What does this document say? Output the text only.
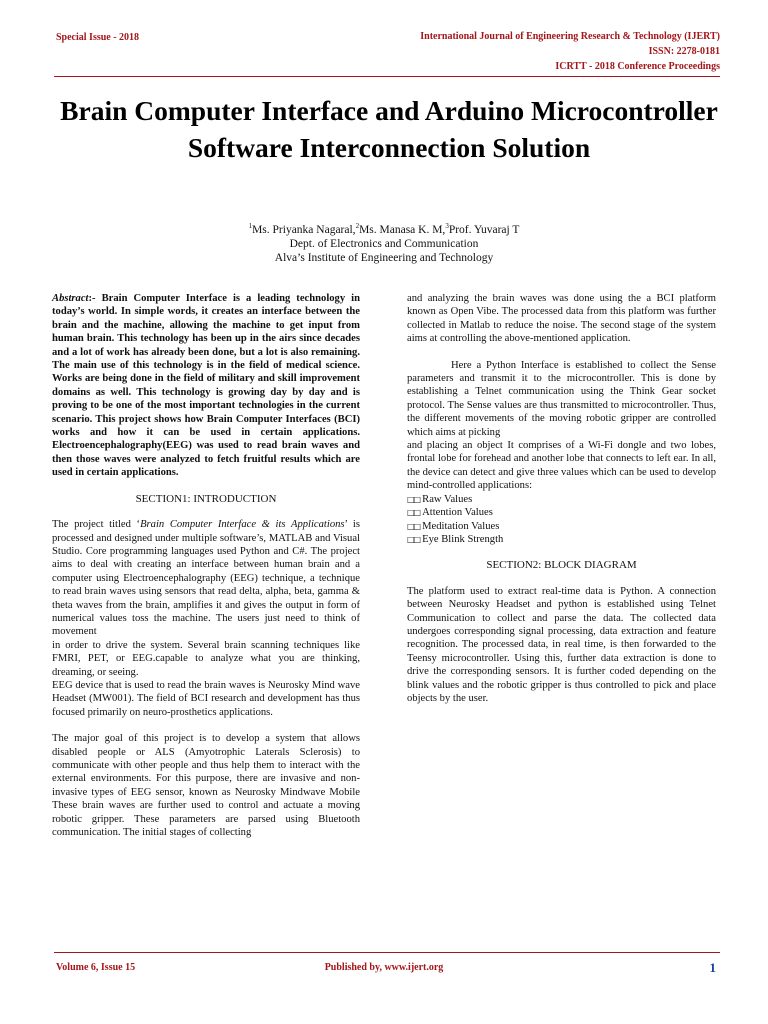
Special Issue - 2018	International Journal of Engineering Research & Technology (IJERT)
ISSN: 2278-0181
ICRTT - 2018 Conference Proceedings
Brain Computer Interface and Arduino Microcontroller Software Interconnection Solution
$^1$Ms. Priyanka Nagaral,$^2$Ms. Manasa K. M,$^3$Prof. Yuvaraj T
Dept. of Electronics and Communication
Alva’s Institute of Engineering and Technology

Abstract:- Brain Computer Interface is a leading technology in today’s world. In simple words, it creates an interface between the brain and the machine, allowing the machine to get input from human brain. This technology has been up in the airs since decades and a lot of work has already been done, but a lot is also remaining. The main use of this technology is in the field of medical science. Works are being done in the field of military and skill improvement domains as well. This technology is growing day by day and is proving to be one of the most important technologies in the current scenario. This project shows how Brain Computer Interfaces (BCI) works and how it can be used in certain applications. Electroencephalography(EEG) was used to read brain waves and then those waves were analyzed to fetch fruitful results which are used in certain applications.

SECTION1: INTRODUCTION

The project titled ‘Brain Computer Interface & its Applications’ is processed and designed under multiple software’s, MATLAB and Visual Studio. Core programming languages used Python and C#. The project aims to deal with creating an interface between human brain and a computer using Electroencephalography (EEG) technique, a technique to read brain waves using sensors that read delta, alpha, beta, gamma & theta waves from the brain, amplifies it and gives the output in form of numerical values toss the machine. The users just need to think of movement

in order to drive the system. Several brain scanning techniques like FMRI, PET, or EEG.capable to analyze what you are thinking, dreaming, or seeing.

EEG device that is used to read the brain waves is Neurosky Mind wave Headset (MW001). The field of BCI research and development has thus focused primarily on neuro-prosthetics applications.

The major goal of this project is to develop a system that allows disabled people or ALS (Amyotrophic Laterals Sclerosis) to communicate with other people and thus help them to interact with the external environments. For this purpose, there are invasive and non-invasive types of EEG sensor, known as Neurosky Mindwave Mobile These brain waves are further used to control and actuate a moving robotic gripper. These parameters are parsed using Bluetooth communication. The initial stages of collecting

and analyzing the brain waves was done using the a BCI platform known as Open Vibe. The processed data from this platform was further collected in Matlab to reduce the noise. The second stage of the system aims at controlling the above-mentioned application.

Here a Python Interface is established to collect the Sense parameters and transmit it to the microcontroller. This is done by establishing a Telnet communication using the Think Gear socket protocol. The Sense values are thus transmitted to microcontroller. Thus, the different movements of the moving robotic gripper are controlled which aims at picking

and placing an object It comprises of a Wi-Fi dongle and two lobes, frontal lobe for forehead and another lobe that connects to left ear. In all, the device can detect and give three values which can be used to develop mind-controlled applications:

□□ Raw Values
□□ Attention Values
□□ Meditation Values
□□ Eye Blink Strength
SECTION2: BLOCK DIAGRAM

The platform used to extract real-time data is Python. A connection between Neurosky Headset and python is established using Telnet Communication to collect and parse the data. The collected data undergoes corresponding signal processing, data extraction and feature recognition. The processed data, in real time, is then forwarded to the Teensy microcontroller. Using this, further data extraction is done to drive the corresponding sensors. It is further coded depending on the blink values and the robotic gripper is thus controlled to pick and place objects by the user.

Volume 6, Issue 15	Published by, www.ijert.org	1
